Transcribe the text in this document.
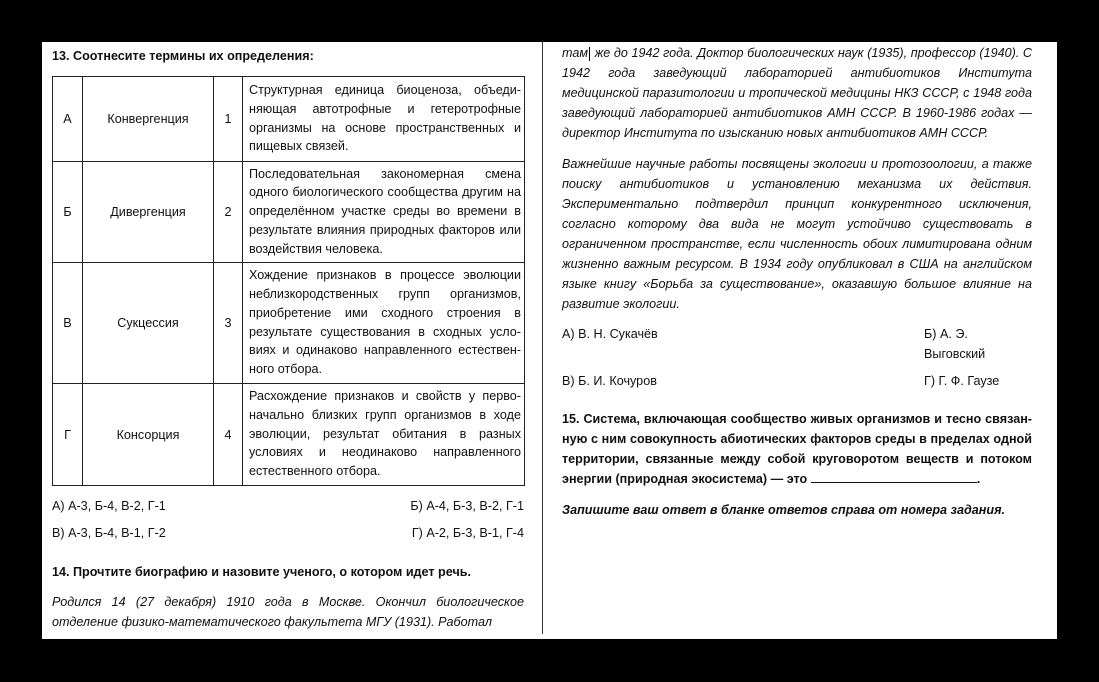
13. Соотнесите термины их определения:
А	Конвергенция	1	Структурная единица биоценоза, объеди-няющая автотрофные и гетеротрофные организмы на основе пространственных и пищевых связей.
Б	Дивергенция	2	Последовательная закономерная смена одного биологического сообщества другим на определённом участке среды во времени в результате влияния природных факторов или воздействия человека.
В	Сукцессия	3	Хождение признаков в процессе эволюции неблизкородственных групп организмов, приобретение ими сходного строения в результате существования в сходных усло-виях и одинаково направленного естествен-ного отбора.
Г	Консорция	4	Расхождение признаков и свойств у перво-начально близких групп организмов в ходе эволюции, результат обитания в разных условиях и неодинаково направленного естественного отбора.
А) А-3, Б-4, В-2, Г-1	Б) А-4, Б-3, В-2, Г-1
В) А-3, Б-4, В-1, Г-2	Г) А-2, Б-3, В-1, Г-4
14. Прочтите биографию и назовите ученого, о котором идет речь.
Родился 14 (27 декабря) 1910 года в Москве. Окончил биологическое отделение физико-математического факультета МГУ (1931). Работал
там же до 1942 года. Доктор биологических наук (1935), профессор (1940). С 1942 года заведующий лабораторией антибиотиков Института медицинской паразитологии и тропической медицины НКЗ СССР, с 1948 года заведующий лабораторией антибиотиков АМН СССР. В 1960-1986 годах — директор Института по изысканию новых антибиотиков АМН СССР.
Важнейшие научные работы посвящены экологии и протозоологии, а также поиску антибиотиков и установлению механизма их действия. Экспериментально подтвердил принцип конкурентного исключения, согласно которому два вида не могут устойчиво существовать в ограниченном пространстве, если численность обоих лимитирована одним жизненно важным ресурсом. В 1934 году опубликовал в США на английском языке книгу «Борьба за существование», оказавшую большое влияние на развитие экологии.
А) В. Н. Сукачёв	Б) А. Э. Выговский
В) Б. И. Кочуров	Г) Г. Ф. Гаузе
15. Система, включающая сообщество живых организмов и тесно связан-ную с ним совокупность абиотических факторов среды в пределах одной территории, связанные между собой круговоротом веществ и потоком энергии (природная экосистема) — это	.
Запишите ваш ответ в бланке ответов справа от номера задания.
